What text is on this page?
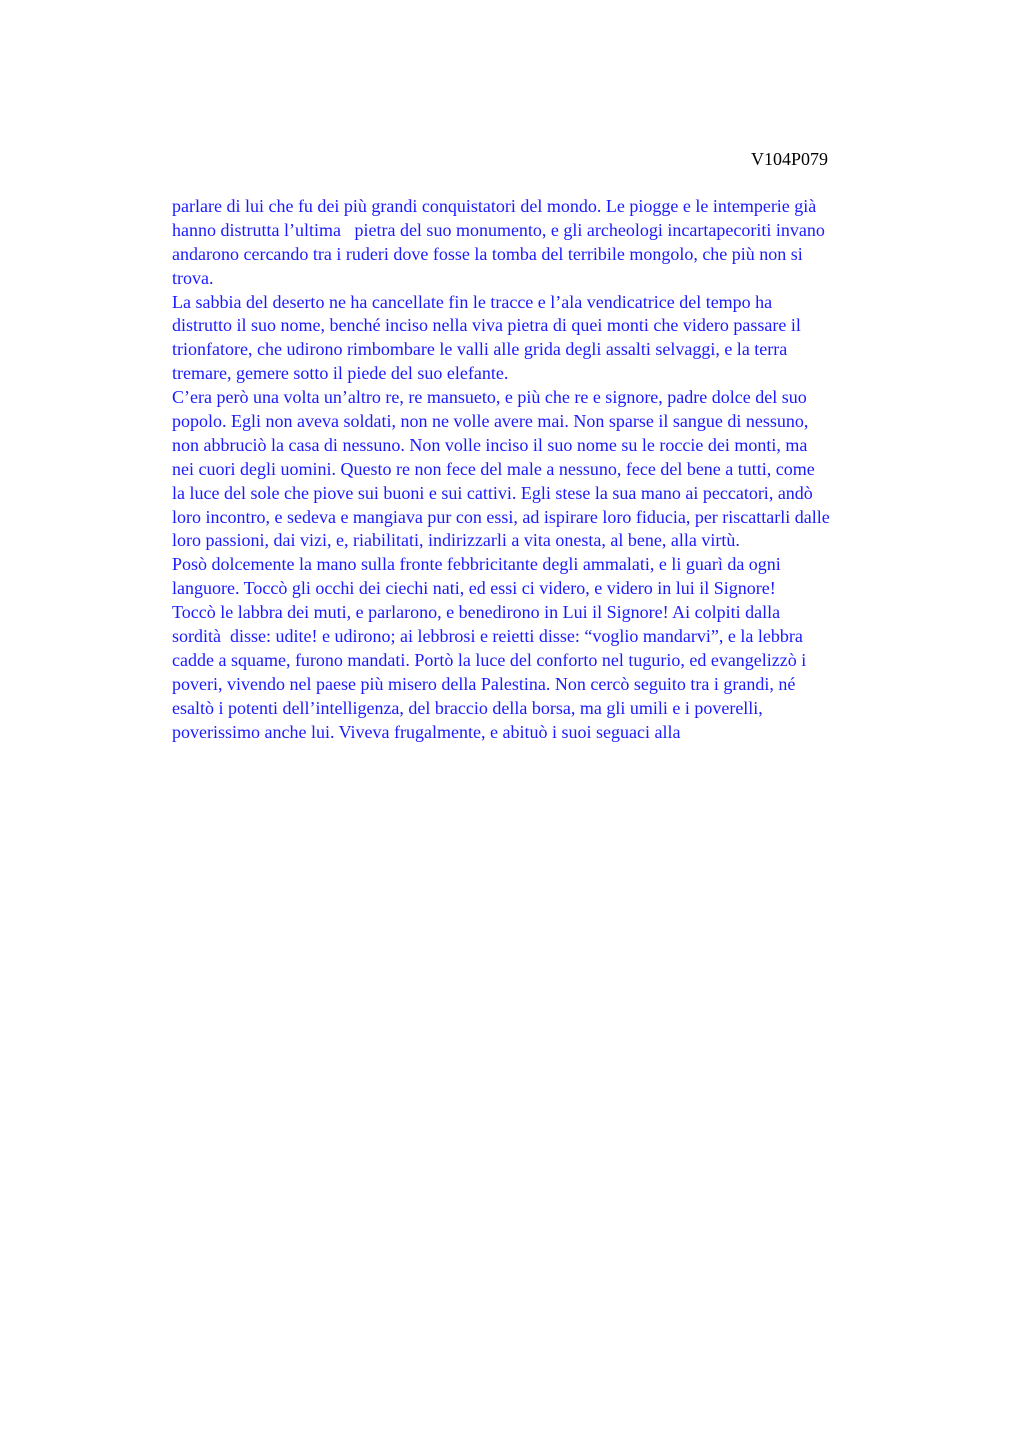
V104P079
parlare di lui che fu dei più grandi conquistatori del mondo. Le piogge e le intemperie già
hanno distrutta l’ultima   pietra del suo monumento, e gli archeologi incartapecoriti invano
andarono cercando tra i ruderi dove fosse la tomba del terribile mongolo, che più non si
trova.
La sabbia del deserto ne ha cancellate fin le tracce e l’ala vendicatrice del tempo ha
distrutto il suo nome, benché inciso nella viva pietra di quei monti che videro passare il
trionfatore, che udirono rimbombare le valli alle grida degli assalti selvaggi, e la terra
tremare, gemere sotto il piede del suo elefante.
C’era però una volta un’altro re, re mansueto, e più che re e signore, padre dolce del suo
popolo. Egli non aveva soldati, non ne volle avere mai. Non sparse il sangue di nessuno,
non abbruciò la casa di nessuno. Non volle inciso il suo nome su le roccie dei monti, ma
nei cuori degli uomini. Questo re non fece del male a nessuno, fece del bene a tutti, come
la luce del sole che piove sui buoni e sui cattivi. Egli stese la sua mano ai peccatori, andò
loro incontro, e sedeva e mangiava pur con essi, ad ispirare loro fiducia, per riscattarli dalle
loro passioni, dai vizi, e, riabilitati, indirizzarli a vita onesta, al bene, alla virtù.
Posò dolcemente la mano sulla fronte febbricitante degli ammalati, e li guarì da ogni
languore. Toccò gli occhi dei ciechi nati, ed essi ci videro, e videro in lui il Signore!
Toccò le labbra dei muti, e parlarono, e benedirono in Lui il Signore! Ai colpiti dalla
sordità  disse: udite! e udirono; ai lebbrosi e reietti disse: “voglio mandarvi”, e la lebbra
cadde a squame, furono mandati. Portò la luce del conforto nel tugurio, ed evangelizzò i
poveri, vivendo nel paese più misero della Palestina. Non cercò seguito tra i grandi, né
esaltò i potenti dell’intelligenza, del braccio della borsa, ma gli umili e i poverelli,
poverissimo anche lui. Viveva frugalmente, e abituò i suoi seguaci alla
